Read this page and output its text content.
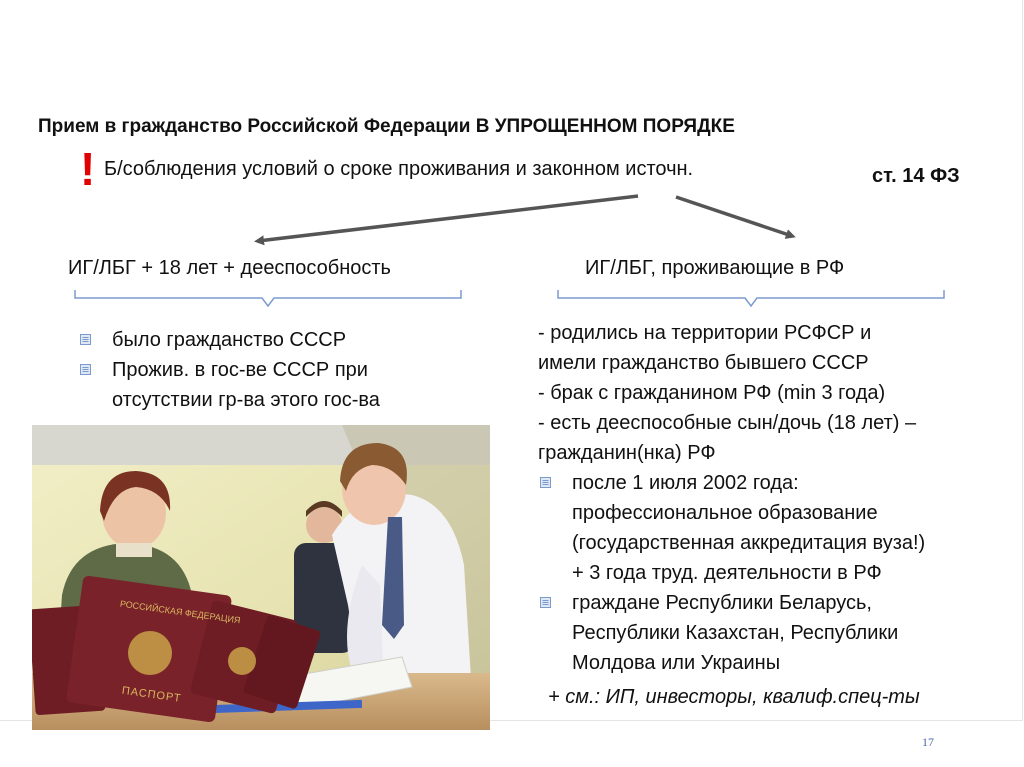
Прием в гражданство Российской Федерации В УПРОЩЕННОМ ПОРЯДКЕ
! Б/соблюдения условий о сроке проживания и законном источн.	ст. 14 ФЗ
ИГ/ЛБГ + 18 лет + дееспособность	ИГ/ЛБГ, проживающие в РФ
было гражданство СССР
Прожив. в гос-ве СССР при
отсутствии гр-ва этого гос-ва
- родились на территории РСФСР и
имели гражданство бывшего СССР
- брак с гражданином РФ (min 3 года)
- есть дееспособные сын/дочь (18 лет) –
гражданин(нка) РФ
после 1 июля 2002 года:
профессиональное образование
(государственная аккредитация вуза!)
+ 3 года труд. деятельности в РФ
граждане Республики Беларусь,
Республики Казахстан, Республики
Молдова или Украины
+ см.: ИП, инвесторы, квалиф.спец-ты
РОССИЙСКАЯ ФЕДЕРАЦИЯ
ПАСПОРТ
17
